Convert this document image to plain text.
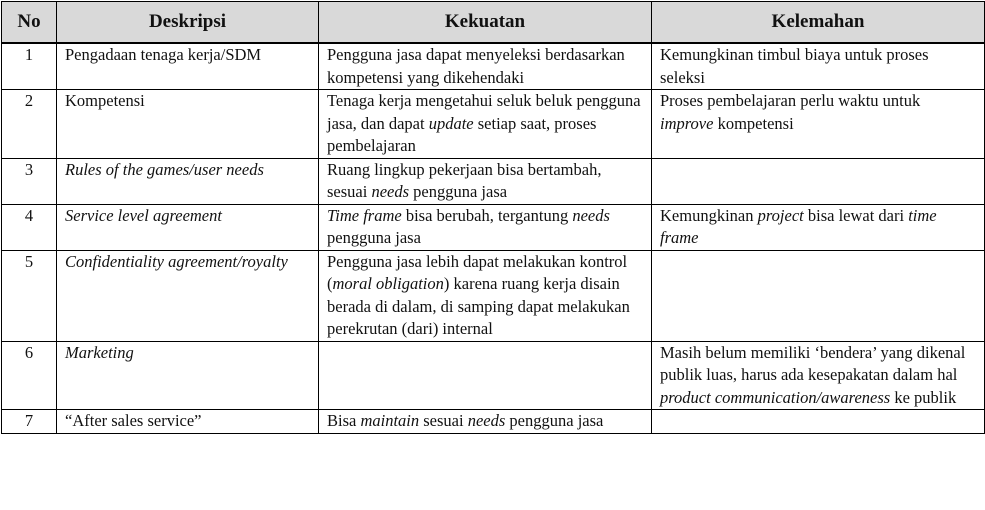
No	Deskripsi	Kekuatan	Kelemahan
1	Pengadaan tenaga kerja/SDM	Pengguna jasa dapat menyeleksi berdasarkan kompetensi yang dikehendaki	Kemungkinan timbul biaya untuk proses seleksi
2	Kompetensi	Tenaga kerja mengetahui seluk beluk pengguna jasa, dan dapat update setiap saat, proses pembelajaran	Proses pembelajaran perlu waktu untuk improve kompetensi
3	Rules of the games/user needs	Ruang lingkup pekerjaan bisa bertambah, sesuai needs pengguna jasa	
4	Service level agreement	Time frame bisa berubah, tergantung needs pengguna jasa	Kemungkinan project bisa lewat dari time frame
5	Confidentiality agreement/royalty	Pengguna jasa lebih dapat melakukan kontrol (moral obligation) karena ruang kerja disain berada di dalam, di samping dapat melakukan perekrutan (dari) internal	
6	Marketing		Masih belum memiliki ‘bendera’ yang dikenal publik luas, harus ada kesepakatan dalam hal product communication/awareness ke publik
7	“After sales service”	Bisa maintain sesuai needs pengguna jasa	
